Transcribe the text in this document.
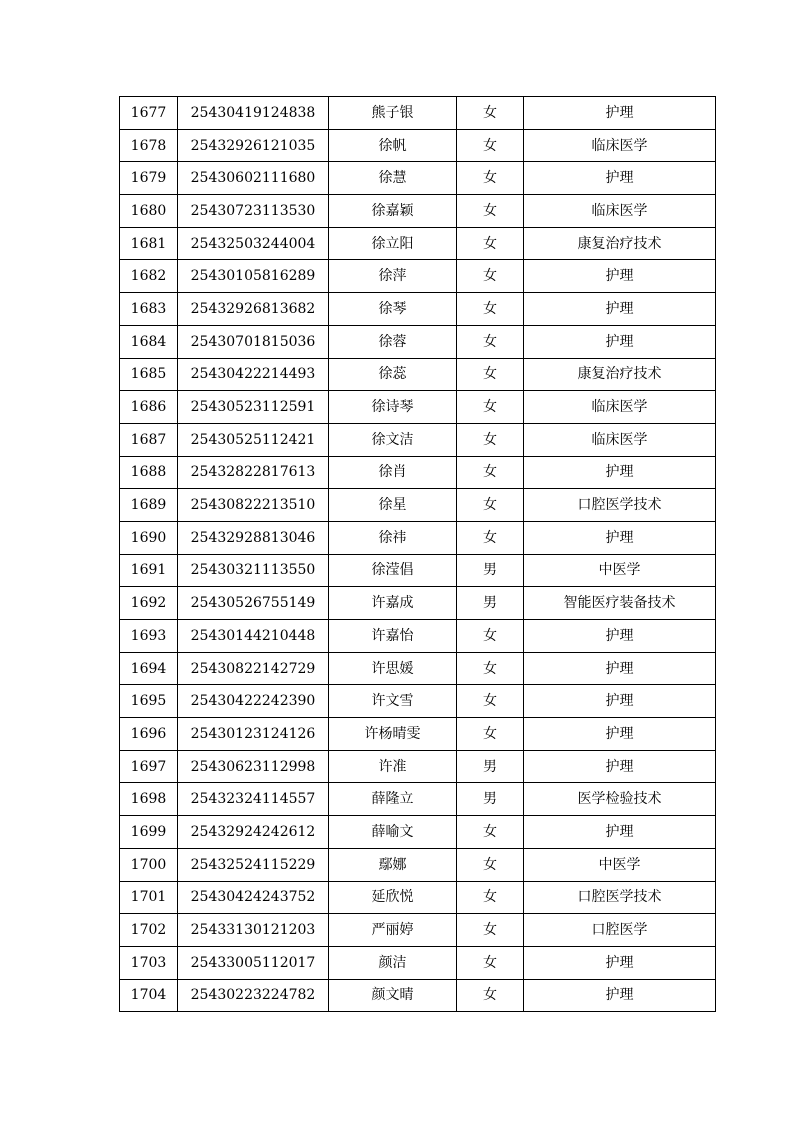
1677	25430419124838	熊子银	女	护理
1678	25432926121035	徐帆	女	临床医学
1679	25430602111680	徐慧	女	护理
1680	25430723113530	徐嘉颖	女	临床医学
1681	25432503244004	徐立阳	女	康复治疗技术
1682	25430105816289	徐萍	女	护理
1683	25432926813682	徐琴	女	护理
1684	25430701815036	徐蓉	女	护理
1685	25430422214493	徐蕊	女	康复治疗技术
1686	25430523112591	徐诗琴	女	临床医学
1687	25430525112421	徐文洁	女	临床医学
1688	25432822817613	徐肖	女	护理
1689	25430822213510	徐星	女	口腔医学技术
1690	25432928813046	徐祎	女	护理
1691	25430321113550	徐滢倡	男	中医学
1692	25430526755149	许嘉成	男	智能医疗装备技术
1693	25430144210448	许嘉怡	女	护理
1694	25430822142729	许思媛	女	护理
1695	25430422242390	许文雪	女	护理
1696	25430123124126	许杨晴雯	女	护理
1697	25430623112998	许准	男	护理
1698	25432324114557	薛隆立	男	医学检验技术
1699	25432924242612	薛喻文	女	护理
1700	25432524115229	鄢娜	女	中医学
1701	25430424243752	延欣悦	女	口腔医学技术
1702	25433130121203	严丽婷	女	口腔医学
1703	25433005112017	颜洁	女	护理
1704	25430223224782	颜文晴	女	护理
